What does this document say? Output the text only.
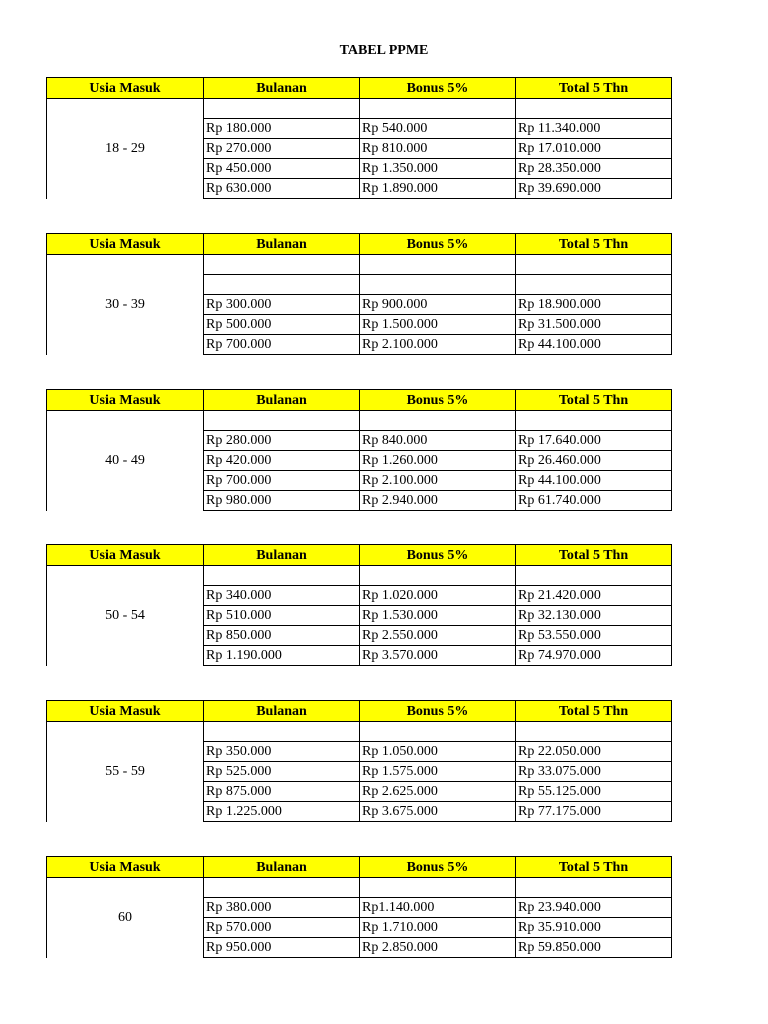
TABEL PPME
Usia Masuk	Bulanan	Bonus 5%	Total 5 Thn
18 - 29			
	Rp 180.000	Rp 540.000	Rp 11.340.000
	Rp 270.000	Rp 810.000	Rp 17.010.000
	Rp 450.000	Rp 1.350.000	Rp 28.350.000
	Rp 630.000	Rp 1.890.000	Rp 39.690.000
Usia Masuk	Bulanan	Bonus 5%	Total 5 Thn
30 - 39			

	Rp 300.000	Rp 900.000	Rp 18.900.000
	Rp 500.000	Rp 1.500.000	Rp 31.500.000
	Rp 700.000	Rp 2.100.000	Rp 44.100.000
Usia Masuk	Bulanan	Bonus 5%	Total 5 Thn
40 - 49			
	Rp 280.000	Rp 840.000	Rp 17.640.000
	Rp 420.000	Rp 1.260.000	Rp 26.460.000
	Rp 700.000	Rp 2.100.000	Rp 44.100.000
	Rp 980.000	Rp 2.940.000	Rp 61.740.000
Usia Masuk	Bulanan	Bonus 5%	Total 5 Thn
50 - 54			
	Rp 340.000	Rp 1.020.000	Rp 21.420.000
	Rp 510.000	Rp 1.530.000	Rp 32.130.000
	Rp 850.000	Rp 2.550.000	Rp 53.550.000
	Rp 1.190.000	Rp 3.570.000	Rp 74.970.000
Usia Masuk	Bulanan	Bonus 5%	Total 5 Thn
55 - 59			
	Rp 350.000	Rp 1.050.000	Rp 22.050.000
	Rp 525.000	Rp 1.575.000	Rp 33.075.000
	Rp 875.000	Rp 2.625.000	Rp 55.125.000
	Rp 1.225.000	Rp 3.675.000	Rp 77.175.000
Usia Masuk	Bulanan	Bonus 5%	Total 5 Thn
60			
	Rp 380.000	Rp1.140.000	Rp 23.940.000
	Rp 570.000	Rp 1.710.000	Rp 35.910.000
	Rp 950.000	Rp 2.850.000	Rp 59.850.000
